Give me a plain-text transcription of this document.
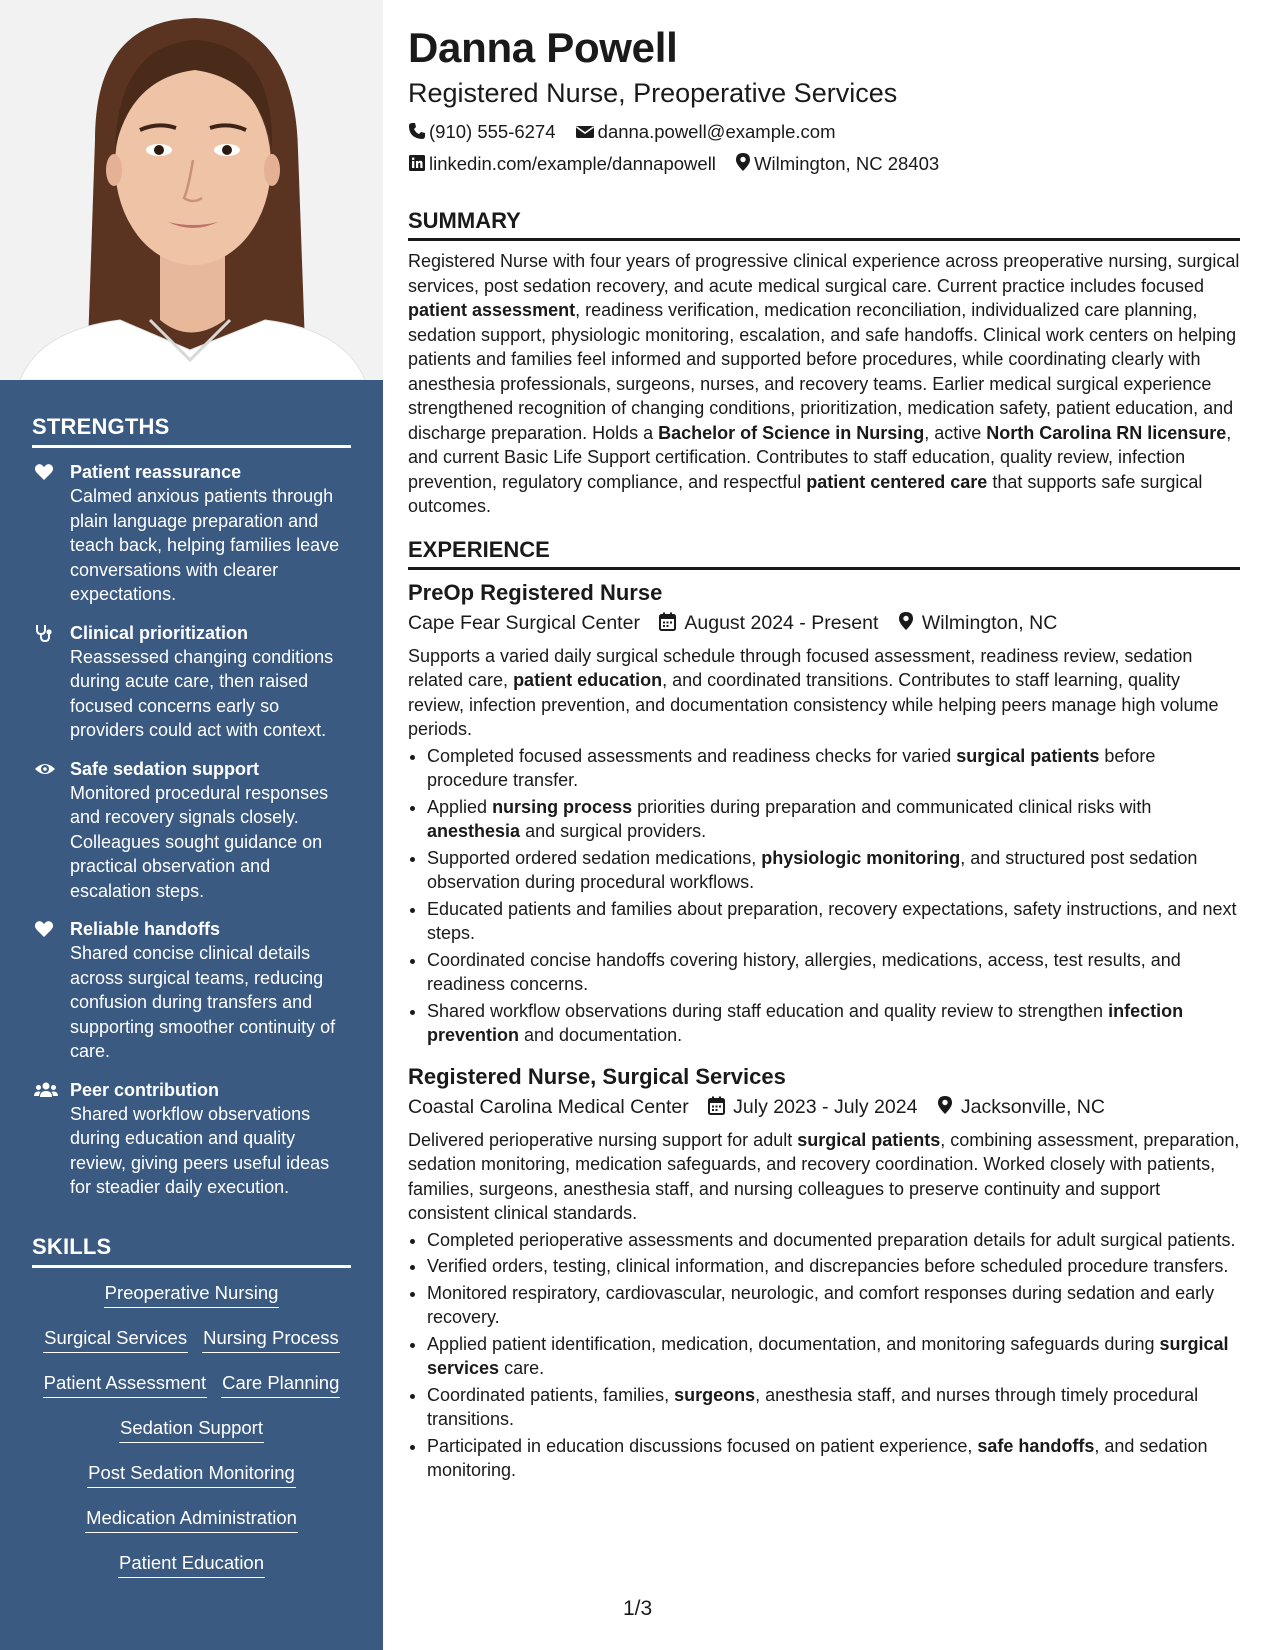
STRENGTHS
Patient reassurance
Calmed anxious patients through plain language preparation and teach back, helping families leave conversations with clearer expectations.
Clinical prioritization
Reassessed changing conditions during acute care, then raised focused concerns early so providers could act with context.
Safe sedation support
Monitored procedural responses and recovery signals closely. Colleagues sought guidance on practical observation and escalation steps.
Reliable handoffs
Shared concise clinical details across surgical teams, reducing confusion during transfers and supporting smoother continuity of care.
Peer contribution
Shared workflow observations during education and quality review, giving peers useful ideas for steadier daily execution.
SKILLS
Preoperative Nursing
Surgical Services Nursing Process
Patient Assessment Care Planning
Sedation Support
Post Sedation Monitoring
Medication Administration
Patient Education
Danna Powell
Registered Nurse, Preoperative Services
(910) 555-6274 danna.powell@example.com
linkedin.com/example/dannapowell Wilmington, NC 28403
SUMMARY

Registered Nurse with four years of progressive clinical experience across preoperative nursing, surgical services, post sedation recovery, and acute medical surgical care. Current practice includes focused patient assessment, readiness verification, medication reconciliation, individualized care planning, sedation support, physiologic monitoring, escalation, and safe handoffs. Clinical work centers on helping patients and families feel informed and supported before procedures, while coordinating clearly with anesthesia professionals, surgeons, nurses, and recovery teams. Earlier medical surgical experience strengthened recognition of changing conditions, prioritization, medication safety, patient education, and discharge preparation. Holds a Bachelor of Science in Nursing, active North Carolina RN licensure, and current Basic Life Support certification. Contributes to staff education, quality review, infection prevention, regulatory compliance, and respectful patient centered care that supports safe surgical outcomes.

EXPERIENCE
PreOp Registered Nurse
Cape Fear Surgical Center August 2024 - Present Wilmington, NC

Supports a varied daily surgical schedule through focused assessment, readiness review, sedation related care, patient education, and coordinated transitions. Contributes to staff learning, quality review, infection prevention, and documentation consistency while helping peers manage high volume periods.

• Completed focused assessments and readiness checks for varied surgical patients before procedure transfer.
• Applied nursing process priorities during preparation and communicated clinical risks with anesthesia and surgical providers.
• Supported ordered sedation medications, physiologic monitoring, and structured post sedation observation during procedural workflows.
• Educated patients and families about preparation, recovery expectations, safety instructions, and next steps.
• Coordinated concise handoffs covering history, allergies, medications, access, test results, and readiness concerns.
• Shared workflow observations during staff education and quality review to strengthen infection prevention and documentation.
Registered Nurse, Surgical Services
Coastal Carolina Medical Center July 2023 - July 2024 Jacksonville, NC

Delivered perioperative nursing support for adult surgical patients, combining assessment, preparation, sedation monitoring, medication safeguards, and recovery coordination. Worked closely with patients, families, surgeons, anesthesia staff, and nursing colleagues to preserve continuity and support consistent clinical standards.

• Completed perioperative assessments and documented preparation details for adult surgical patients.
• Verified orders, testing, clinical information, and discrepancies before scheduled procedure transfers.
• Monitored respiratory, cardiovascular, neurologic, and comfort responses during sedation and early recovery.
• Applied patient identification, medication, documentation, and monitoring safeguards during surgical services care.
• Coordinated patients, families, surgeons, anesthesia staff, and nurses through timely procedural transitions.
• Participated in education discussions focused on patient experience, safe handoffs, and sedation monitoring.
1/3
